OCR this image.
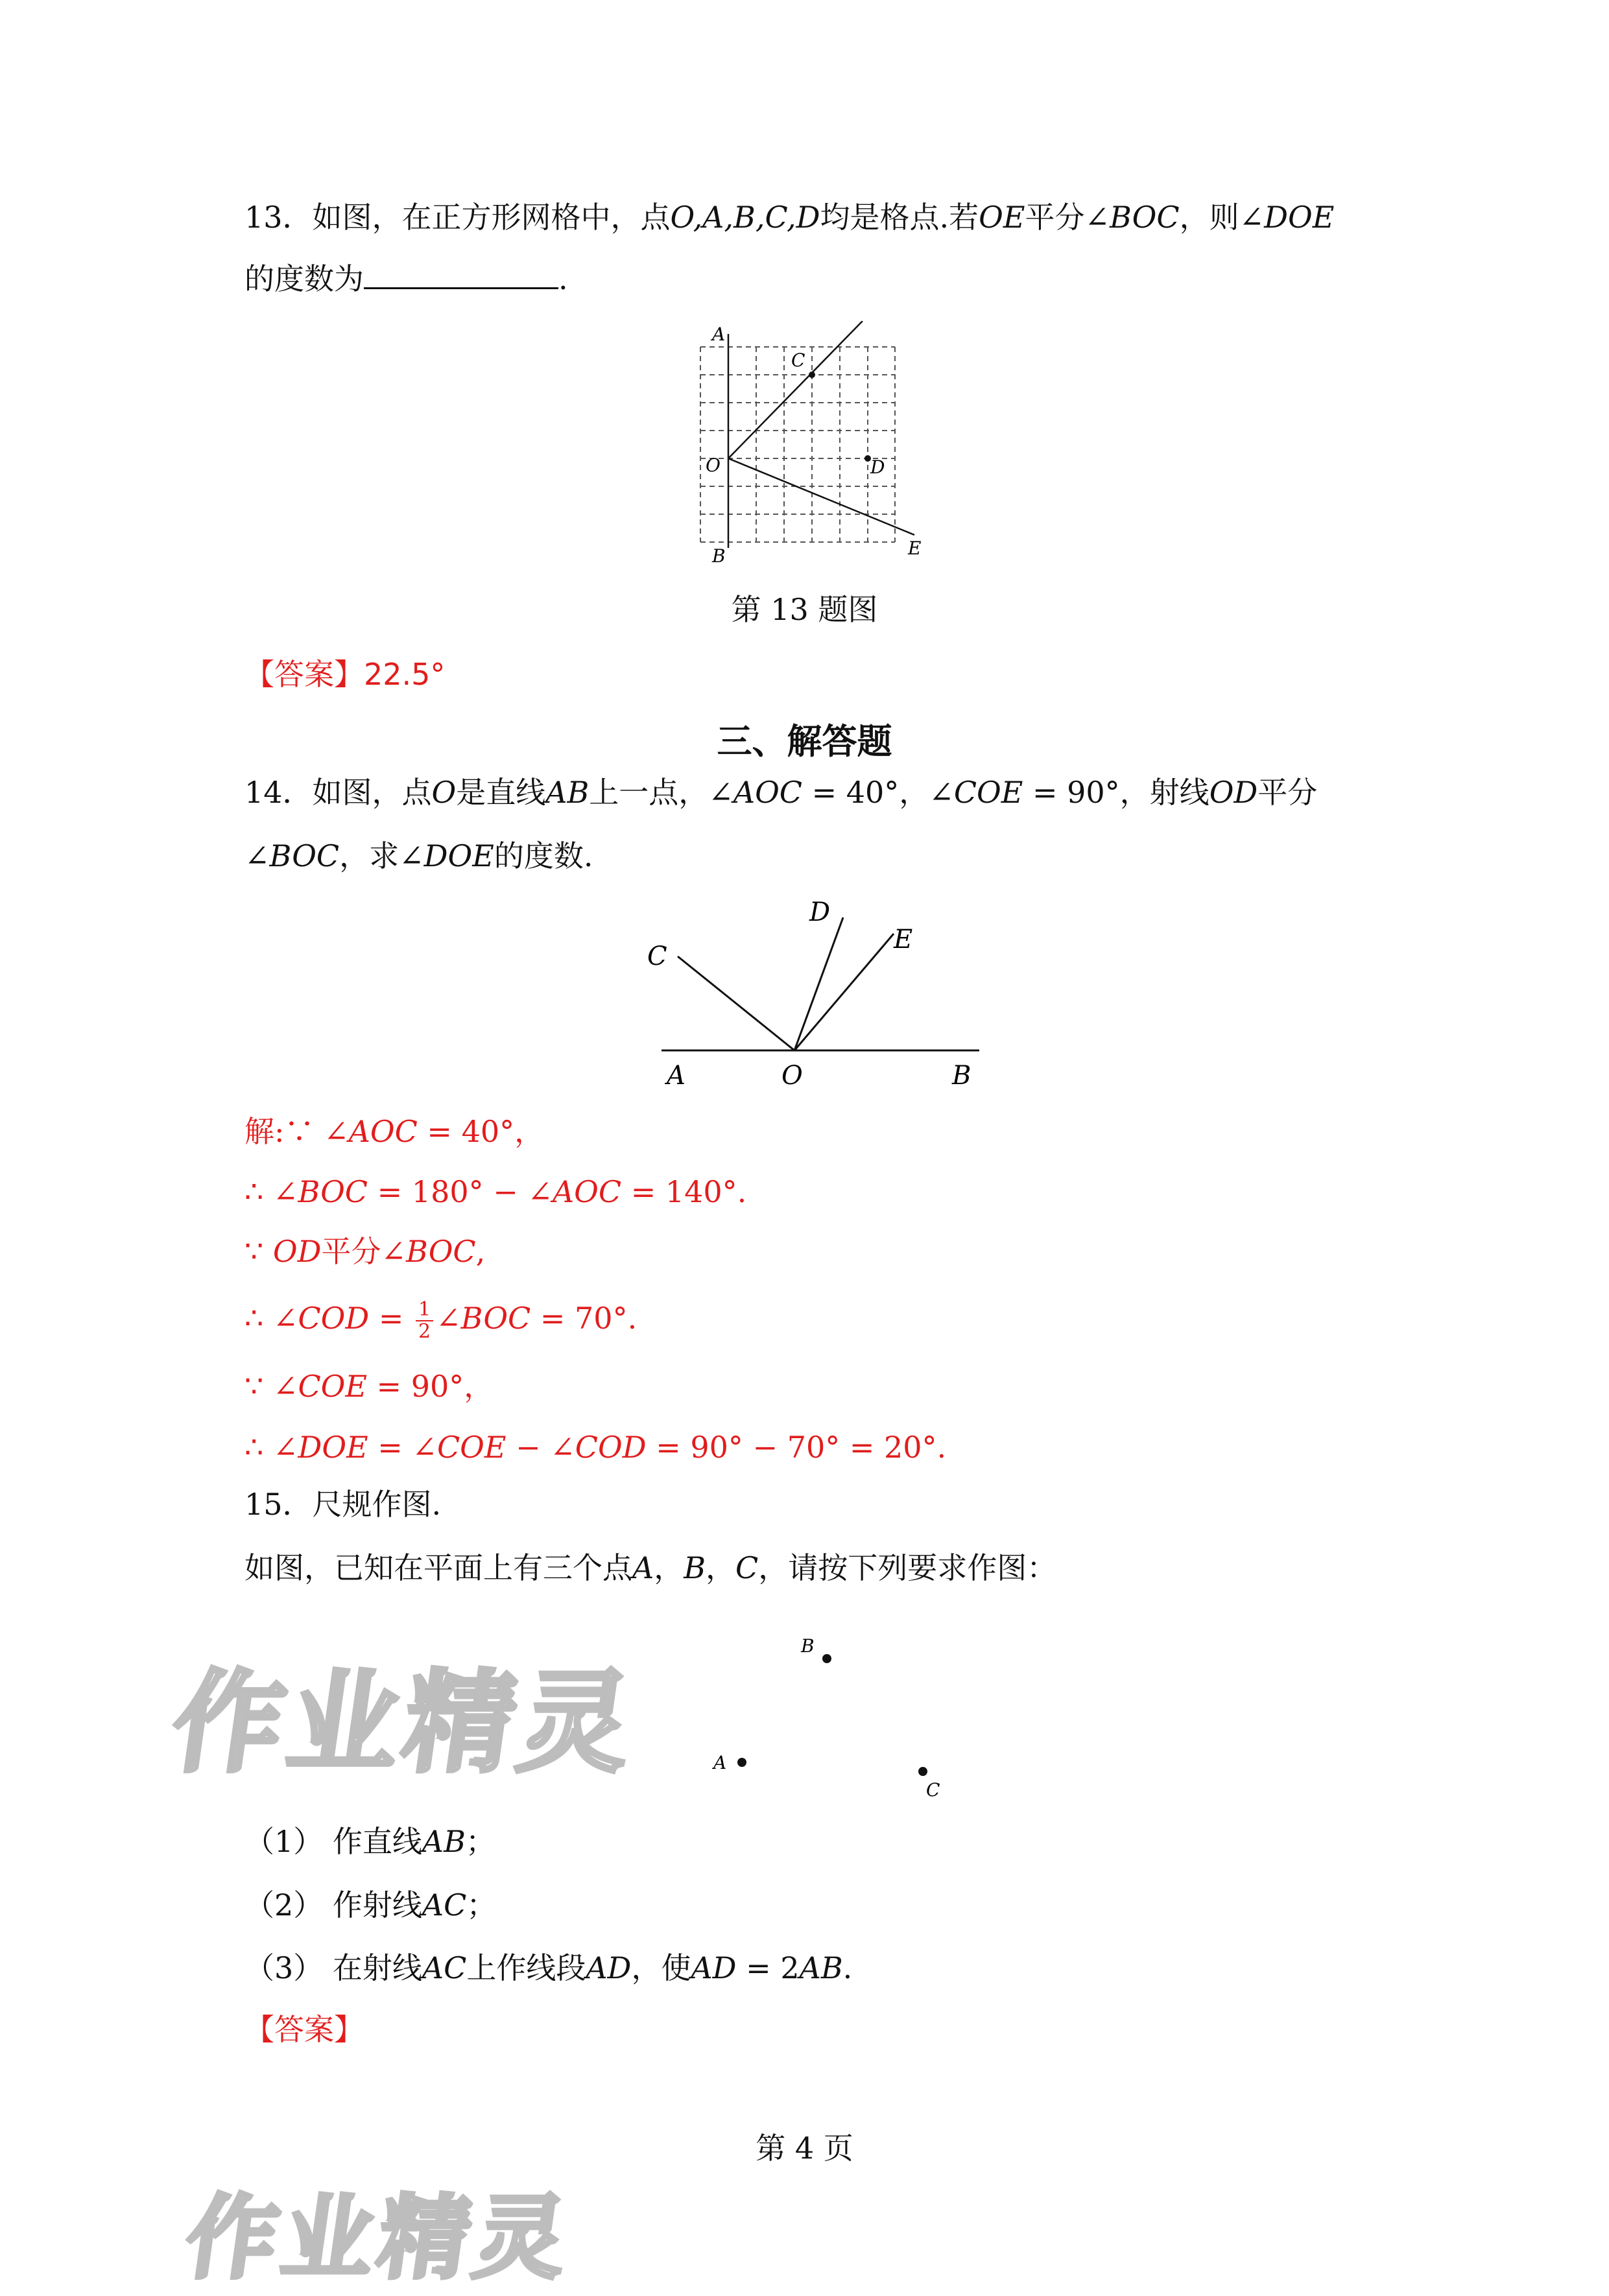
13．如图，在正方形网格中，点O,A,B,C,D均是格点.若OE平分∠BOC，则∠DOE
的度数为	.
A
C
O	D
B	E
第 13 题图
【答案】22.5°
三、解答题
14．如图，点O是直线AB上一点，∠AOC = 40°，∠COE = 90°，射线OD平分
∠BOC，求∠DOE的度数.
C
D
E
A	O	B
解:∵ ∠AOC = 40°，
∴ ∠BOC = 180° − ∠AOC = 140°.
∵ OD平分∠BOC,
∴ ∠COD = $\frac{1}{2}$ ∠BOC = 70°.
∵ ∠COE = 90°，
∴ ∠DOE = ∠COE − ∠COD = 90° − 70° = 20°.
15．尺规作图.
如图，已知在平面上有三个点A，B，C，请按下列要求作图：
B
A
C
作业精灵
（1） 作直线AB；
（2） 作射线AC；
（3） 在射线AC上作线段AD，使AD = 2AB.
【答案】
第 4 页
作业精灵
